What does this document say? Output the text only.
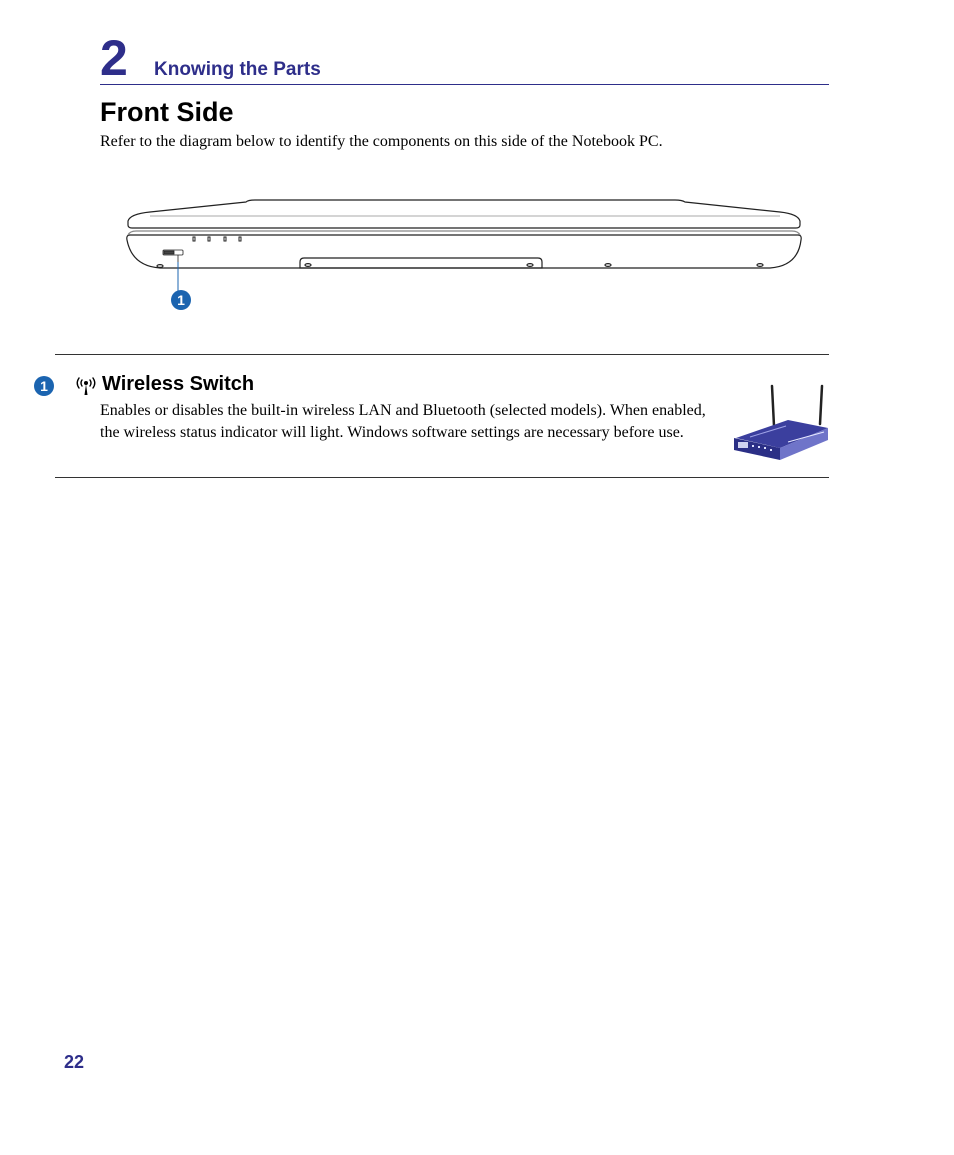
2 Knowing the Parts
Front Side
Refer to the diagram below to identify the components on this side of the Notebook PC.
1
1	Wireless Switch
Enables or disables the built-in wireless LAN and Bluetooth (selected models). When enabled, the wireless status indicator will light. Windows software settings are necessary before use.
22
